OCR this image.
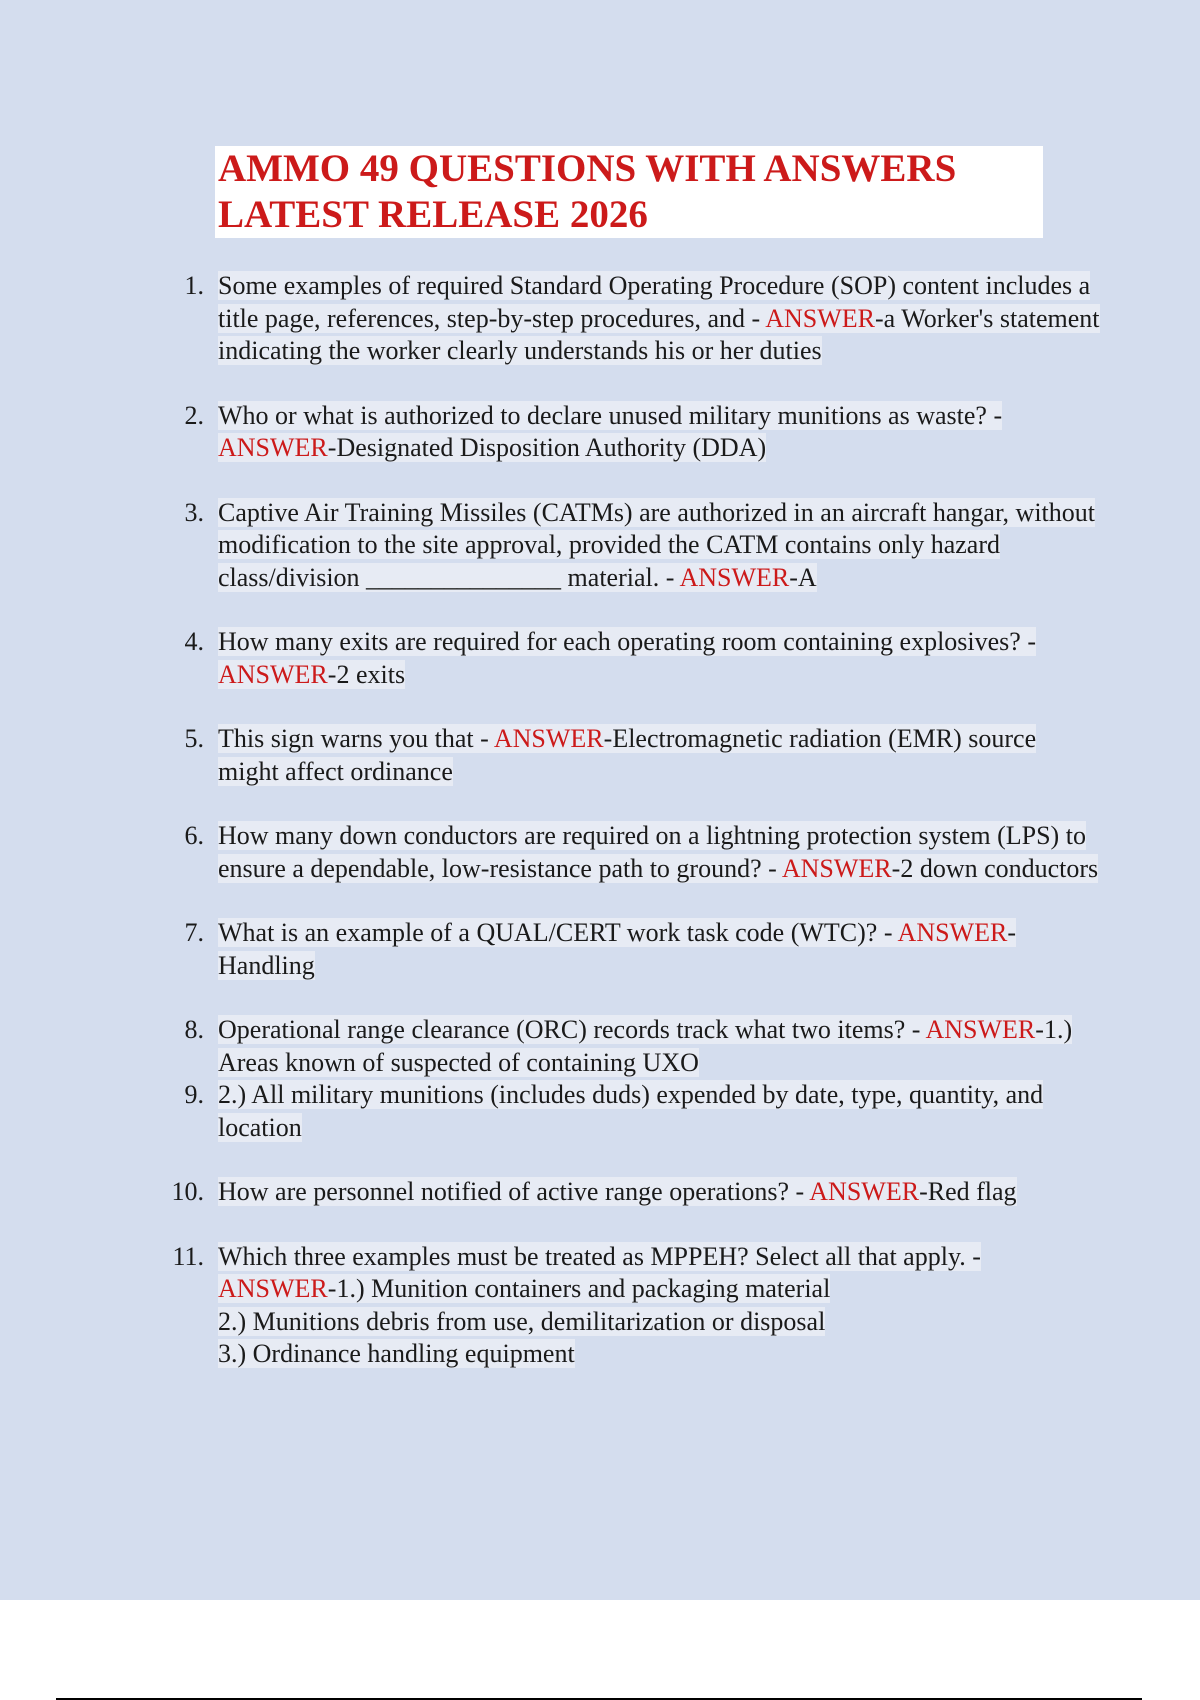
AMMO 49 QUESTIONS WITH ANSWERS
LATEST RELEASE 2026
1. Some examples of required Standard Operating Procedure (SOP) content includes a title page, references, step-by-step procedures, and - ANSWER-a Worker's statement indicating the worker clearly understands his or her duties
2. Who or what is authorized to declare unused military munitions as waste? - ANSWER-Designated Disposition Authority (DDA)
3. Captive Air Training Missiles (CATMs) are authorized in an aircraft hangar, without modification to the site approval, provided the CATM contains only hazard class/division _______________ material. - ANSWER-A
4. How many exits are required for each operating room containing explosives? - ANSWER-2 exits
5. This sign warns you that - ANSWER-Electromagnetic radiation (EMR) source might affect ordinance
6. How many down conductors are required on a lightning protection system (LPS) to ensure a dependable, low-resistance path to ground? - ANSWER-2 down conductors
7. What is an example of a QUAL/CERT work task code (WTC)? - ANSWER-Handling
8. Operational range clearance (ORC) records track what two items? - ANSWER-1.) Areas known of suspected of containing UXO
9. 2.) All military munitions (includes duds) expended by date, type, quantity, and location
10. How are personnel notified of active range operations? - ANSWER-Red flag
11. Which three examples must be treated as MPPEH? Select all that apply. - ANSWER-1.) Munition containers and packaging material
2.) Munitions debris from use, demilitarization or disposal
3.) Ordinance handling equipment
